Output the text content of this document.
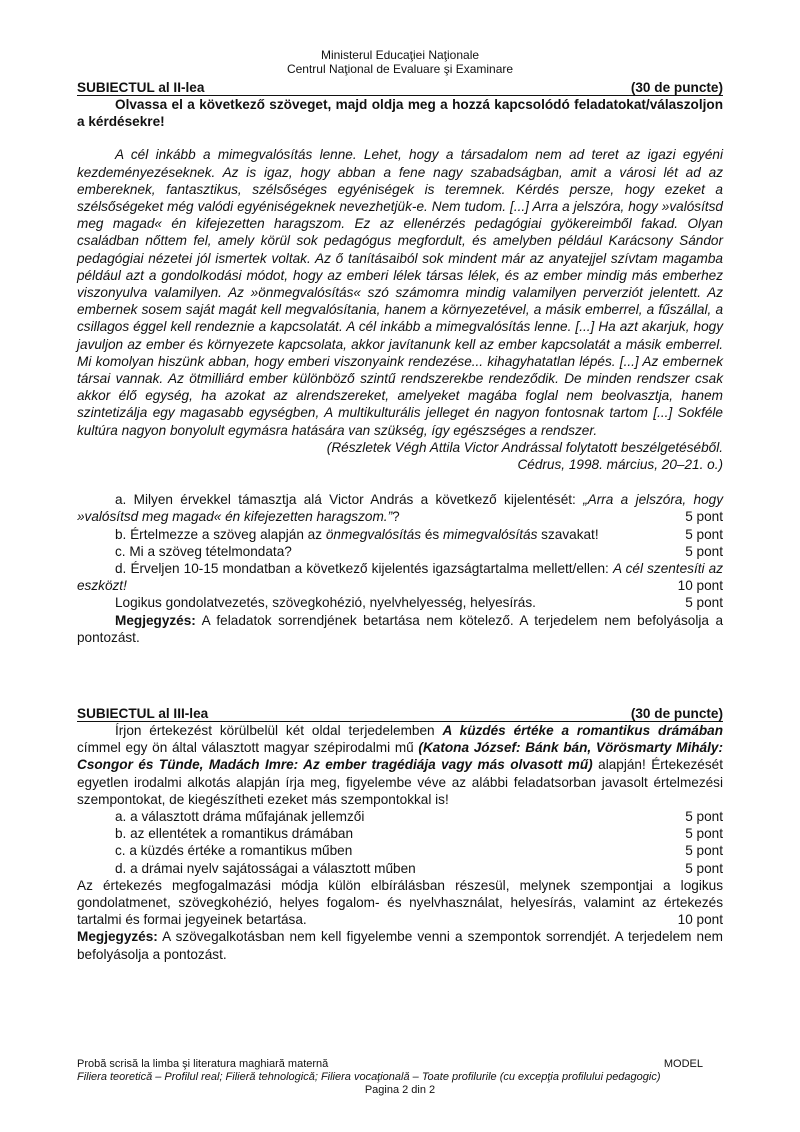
Ministerul Educaţiei Naţionale
Centrul Naţional de Evaluare şi Examinare
SUBIECTUL al II-lea	(30 de puncte)
Olvassa el a következő szöveget, majd oldja meg a hozzá kapcsolódó feladatokat/válaszoljon a kérdésekre!
A cél inkább a mimegvalósítás lenne. Lehet, hogy a társadalom nem ad teret az igazi egyéni kezdeményezéseknek. Az is igaz, hogy abban a fene nagy szabadságban, amit a városi lét ad az embereknek, fantasztikus, szélsőséges egyéniségek is teremnek. Kérdés persze, hogy ezeket a szélsőségeket még valódi egyéniségeknek nevezhetjük-e. Nem tudom. [...] Arra a jelszóra, hogy »valósítsd meg magad« én kifejezetten haragszom. Ez az ellenérzés pedagógiai gyökereimből fakad. Olyan családban nőttem fel, amely körül sok pedagógus megfordult, és amelyben például Karácsony Sándor pedagógiai nézetei jól ismertek voltak. Az ő tanításaiból sok mindent már az anyatejjel szívtam magamba például azt a gondolkodási módot, hogy az emberi lélek társas lélek, és az ember mindig más emberhez viszonyulva valamilyen. Az »önmegvalósítás« szó számomra mindig valamilyen perverziót jelentett. Az embernek sosem saját magát kell megvalósítania, hanem a környezetével, a másik emberrel, a fűszállal, a csillagos éggel kell rendeznie a kapcsolatát. A cél inkább a mimegvalósítás lenne. [...] Ha azt akarjuk, hogy javuljon az ember és környezete kapcsolata, akkor javítanunk kell az ember kapcsolatát a másik emberrel. Mi komolyan hiszünk abban, hogy emberi viszonyaink rendezése... kihagyhatatlan lépés. [...] Az embernek társai vannak. Az ötmilliárd ember különböző szintű rendszerekbe rendeződik. De minden rendszer csak akkor élő egység, ha azokat az alrendszereket, amelyeket magába foglal nem beolvasztja, hanem szintetizálja egy magasabb egységben, A multikulturális jelleget én nagyon fontosnak tartom [...] Sokféle kultúra nagyon bonyolult egymásra hatására van szükség, így egészséges a rendszer.
(Részletek Végh Attila Victor Andrással folytatott beszélgetéséből.
Cédrus, 1998. március, 20–21. o.)
a. Milyen érvekkel támasztja alá Victor András a következő kijelentését: „Arra a jelszóra, hogy »valósítsd meg magad« én kifejezetten haragszom.”?	5 pont
b. Értelmezze a szöveg alapján az önmegvalósítás és mimegvalósítás szavakat!	5 pont
c. Mi a szöveg tételmondata?	5 pont
d. Érveljen 10-15 mondatban a következő kijelentés igazságtartalma mellett/ellen: A cél szentesíti az eszközt!	10 pont
Logikus gondolatvezetés, szövegkohézió, nyelvhelyesség, helyesírás.	5 pont
Megjegyzés: A feladatok sorrendjének betartása nem kötelező. A terjedelem nem befolyásolja a pontozást.
SUBIECTUL al III-lea	(30 de puncte)
Írjon értekezést körülbelül két oldal terjedelemben A küzdés értéke a romantikus drámában címmel egy ön által választott magyar szépirodalmi mű (Katona József: Bánk bán, Vörösmarty Mihály: Csongor és Tünde, Madách Imre: Az ember tragédiája vagy más olvasott mű) alapján! Értekezését egyetlen irodalmi alkotás alapján írja meg, figyelembe véve az alábbi feladatsorban javasolt értelmezési szempontokat, de kiegészítheti ezeket más szempontokkal is!
a. a választott dráma műfajának jellemzői	5 pont
b. az ellentétek a romantikus drámában	5 pont
c. a küzdés értéke a romantikus műben	5 pont
d. a drámai nyelv sajátosságai a választott műben	5 pont
Az értekezés megfogalmazási módja külön elbírálásban részesül, melynek szempontjai a logikus gondolatmenet, szövegkohézió, helyes fogalom- és nyelvhasználat, helyesírás, valamint az értekezés tartalmi és formai jegyeinek betartása.	10 pont
Megjegyzés: A szövegalkotásban nem kell figyelembe venni a szempontok sorrendjét. A terjedelem nem befolyásolja a pontozást.
Probă scrisă la limba şi literatura maghiară maternă	MODEL
Filiera teoretică – Profilul real; Filieră tehnologică; Filiera vocaţională – Toate profilurile (cu excepţia profilului pedagogic)
Pagina 2 din 2
